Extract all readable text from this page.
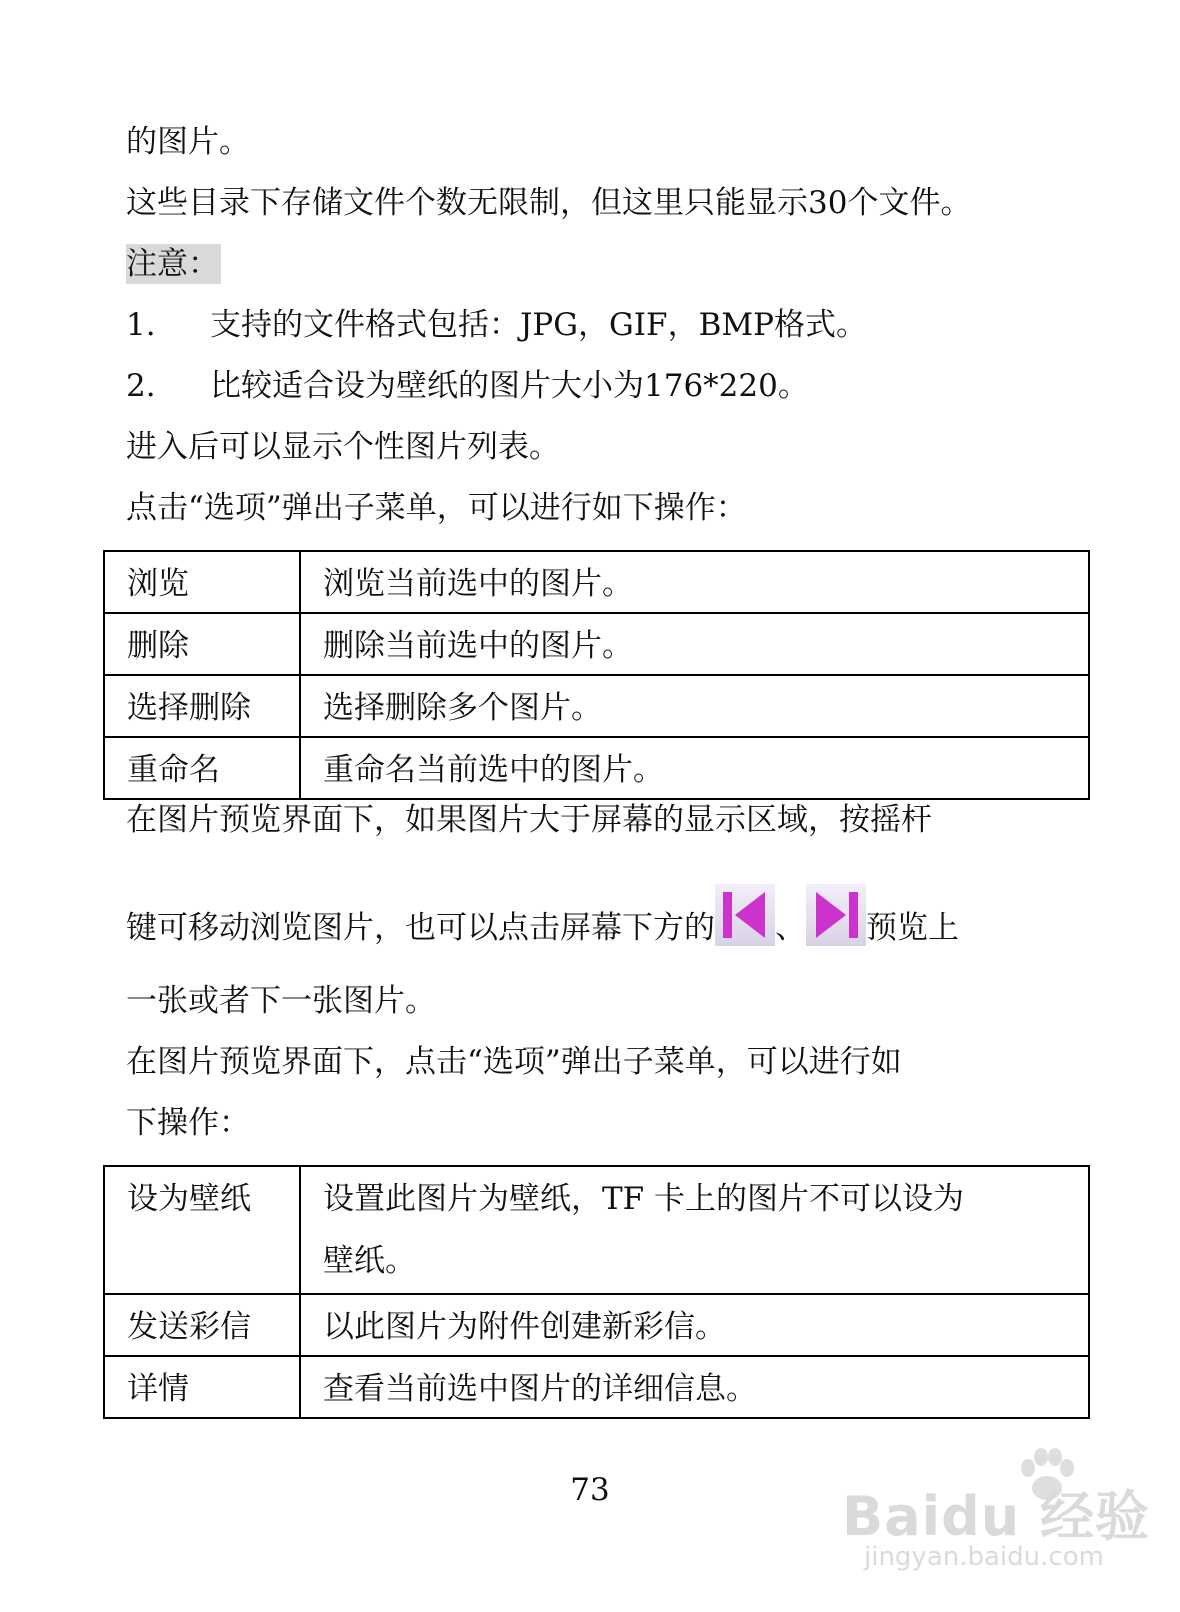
的图片。
这些目录下存储文件个数无限制，但这里只能显示30个文件。
注意：
1. 支持的文件格式包括：JPG，GIF，BMP格式。
2. 比较适合设为壁纸的图片大小为176*220。
进入后可以显示个性图片列表。
点击“选项”弹出子菜单，可以进行如下操作：
浏览	浏览当前选中的图片。
删除	删除当前选中的图片。
选择删除	选择删除多个图片。
重命名	重命名当前选中的图片。
在图片预览界面下，如果图片大于屏幕的显示区域，按摇杆
键可移动浏览图片，也可以点击屏幕下方的 、 预览上
一张或者下一张图片。
在图片预览界面下，点击“选项”弹出子菜单，可以进行如
下操作：
设为壁纸	设置此图片为壁纸，TF 卡上的图片不可以设为
壁纸。

发送彩信	以此图片为附件创建新彩信。
详情	查看当前选中图片的详细信息。
73	Baidu 经验
jingyan.baidu.com
